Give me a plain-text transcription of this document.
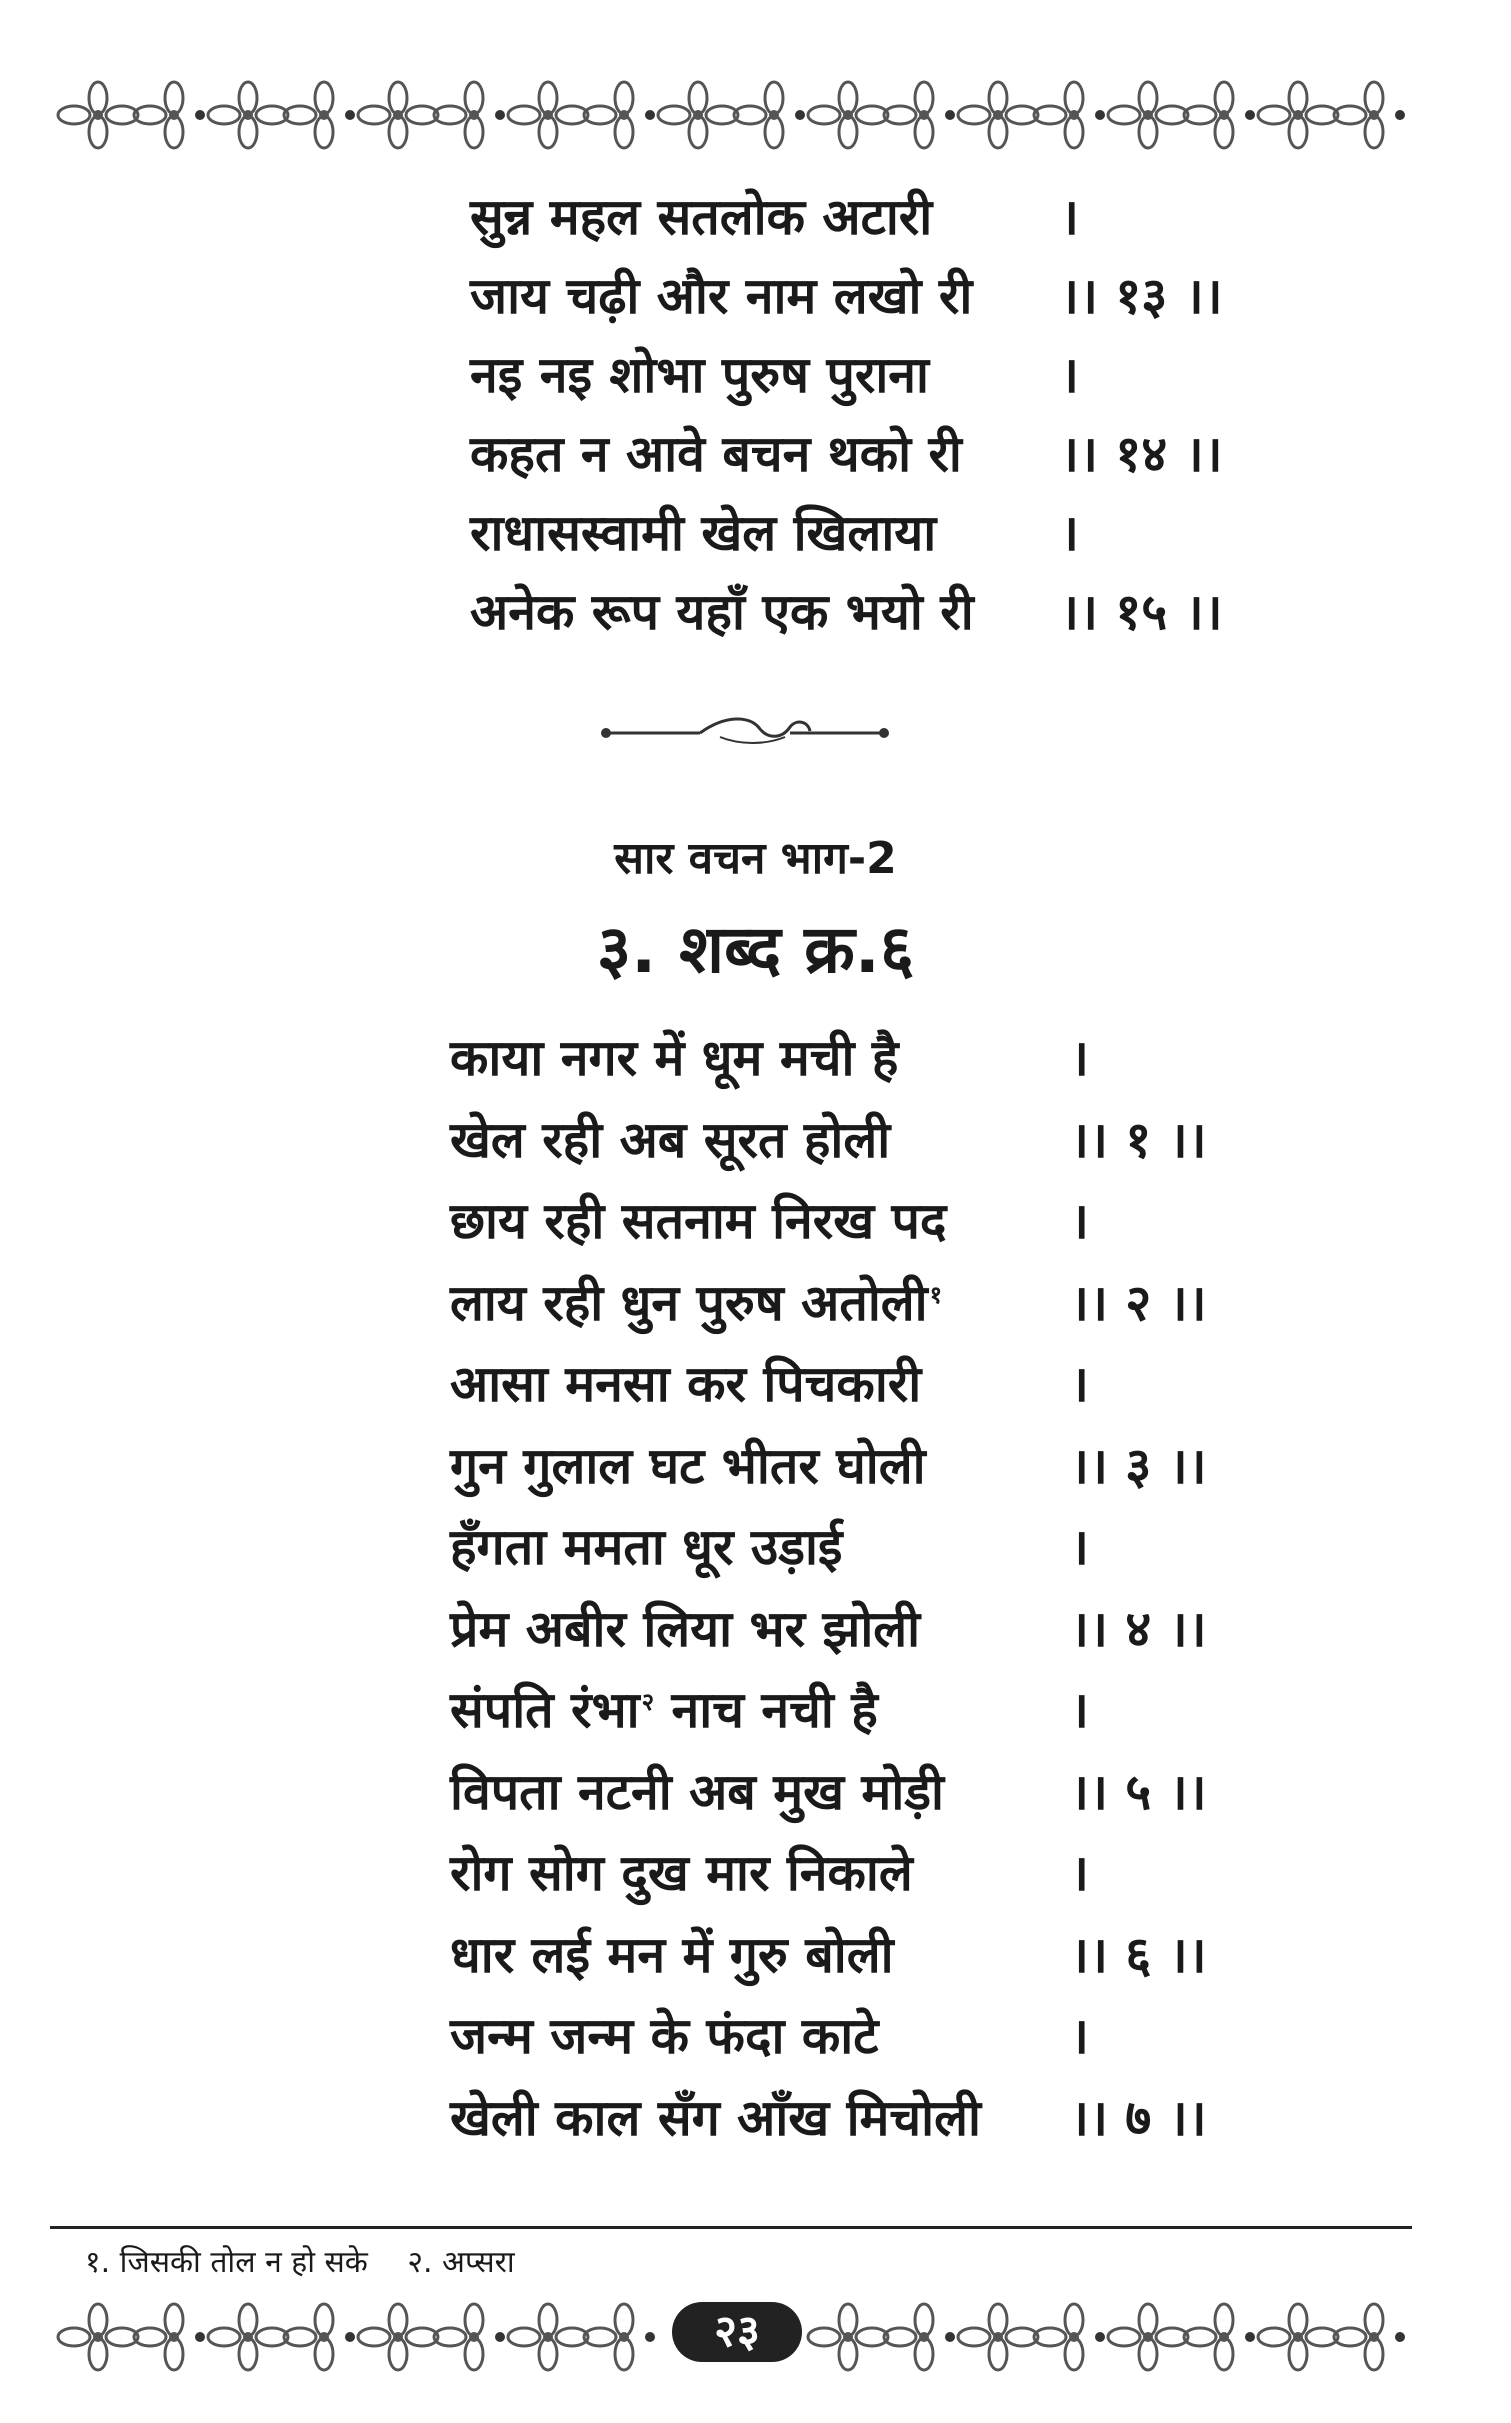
सुन्न महल सतलोक अटारी	।
जाय चढ़ी और नाम लखो री ।। १३ ।।
नइ नइ शोभा पुरुष पुराना	।
कहत न आवे बचन थको री ।। १४ ।।
राधासस्वामी खेल खिलाया ।
अनेक रूप यहाँ एक भयो री ।। १५ ।।
सार वचन भाग-2
३. शब्द क्र.६
काया नगर में धूम मची है	।
खेल रही अब सूरत होली	।। १ ।।
छाय रही सतनाम निरख पद ।
लाय रही धुन पुरुष अतोली$^१$	।। २ ।।
आसा मनसा कर पिचकारी	।
गुन गुलाल घट भीतर घोली	।। ३ ।।
हँगता ममता धूर उड़ाई	।
प्रेम अबीर लिया भर झोली	।। ४ ।।
संपति रंभा$^२$ नाच नची है	।
विपता नटनी अब मुख मोड़ी	।। ५ ।।
रोग सोग दुख मार निकाले	।
धार लई मन में गुरु बोली	।। ६ ।।
जन्म जन्म के फंदा काटे	।
खेली काल सँग आँख मिचोली ।। ७ ।।
१. जिसकी तोल न हो सके २. अप्सरा
२३
